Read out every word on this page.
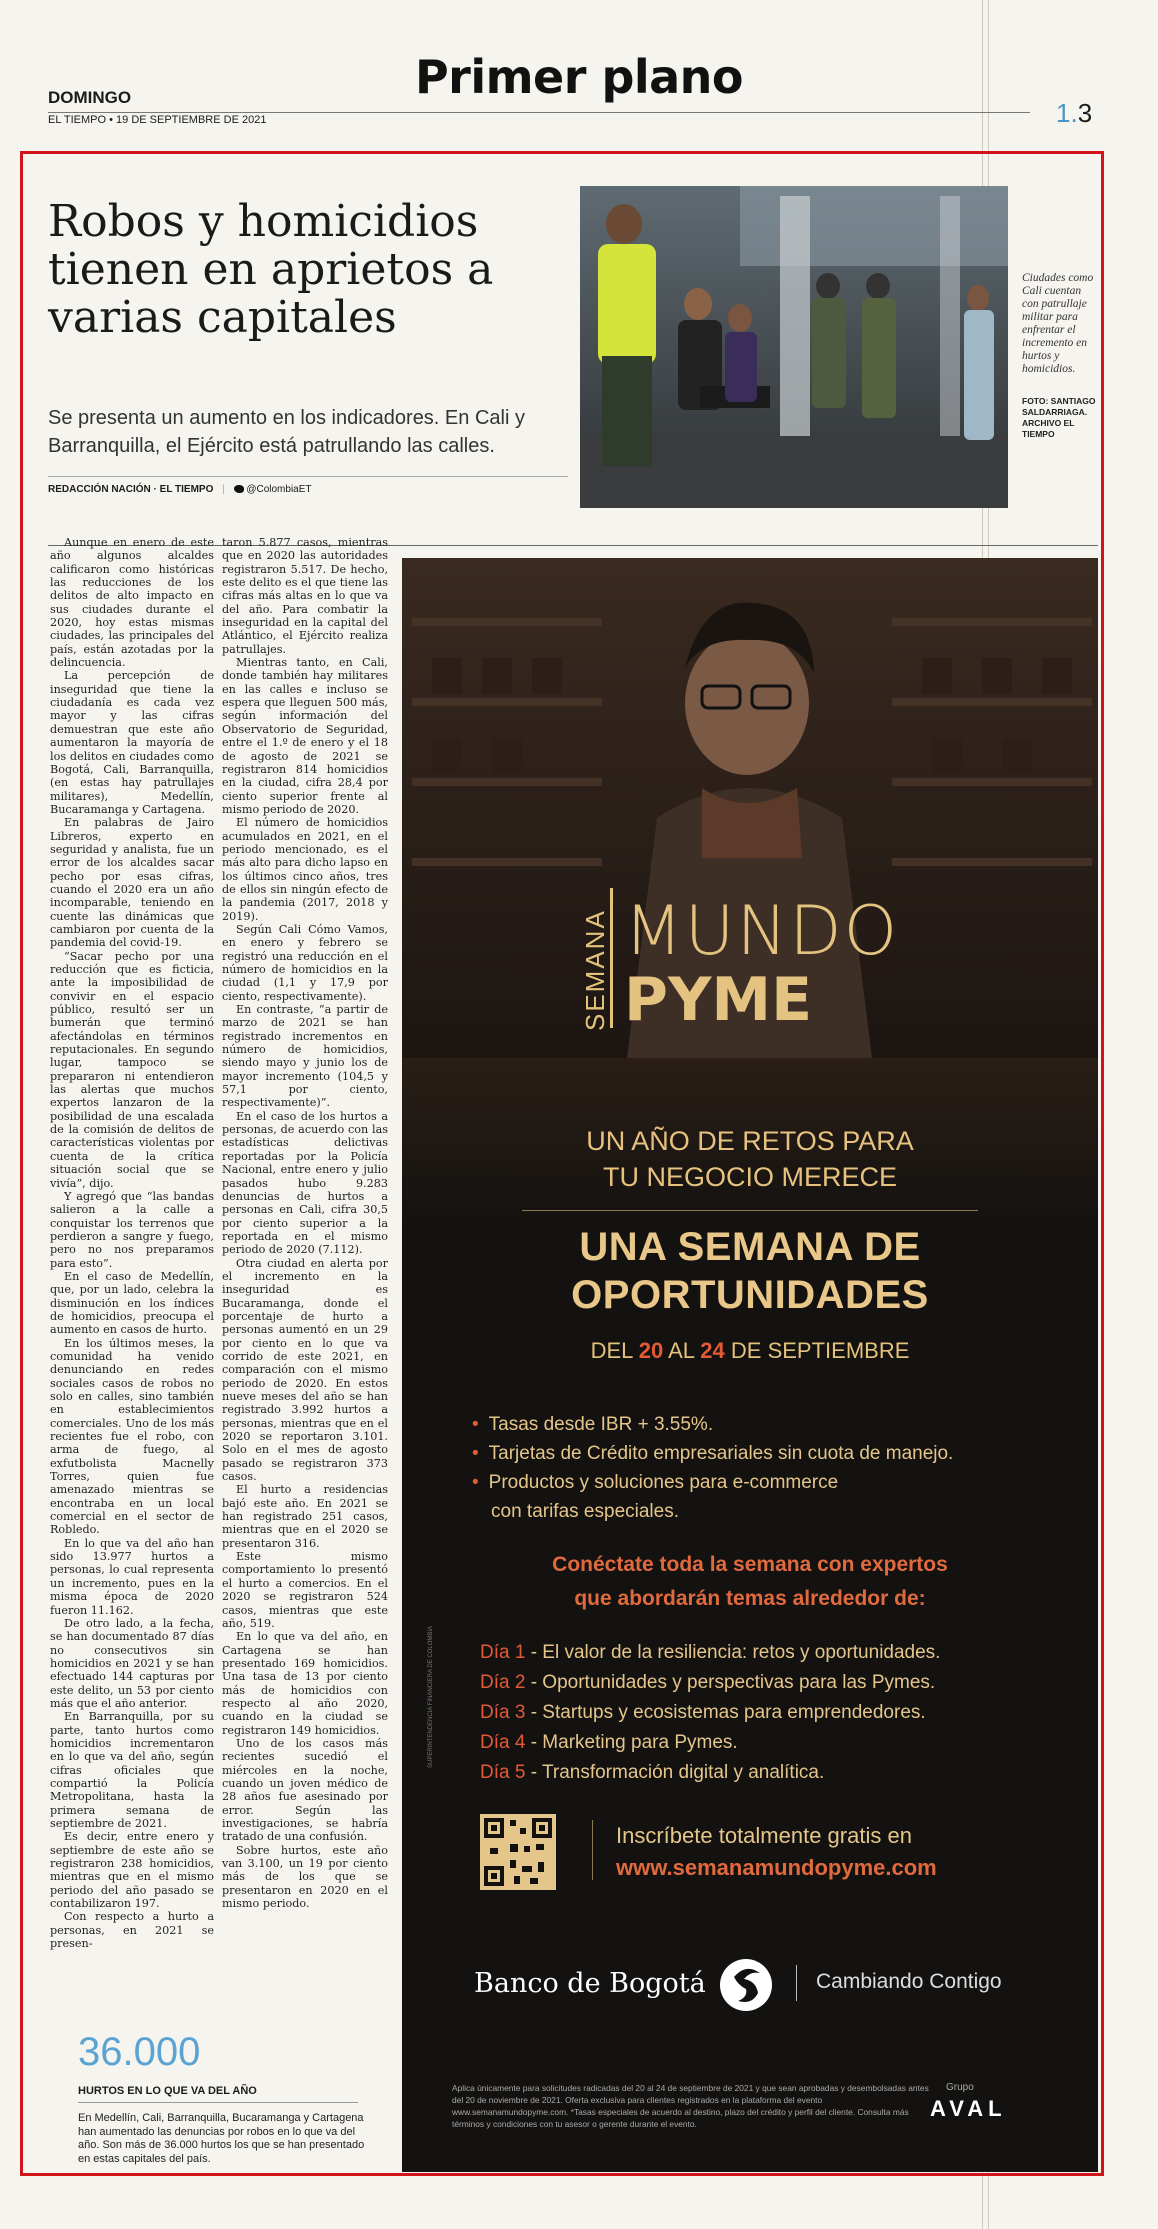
Primer plano
DOMINGO
EL TIEMPO • 19 DE SEPTIEMBRE DE 2021	1.3
Robos y homicidios tienen en aprietos a varias capitales
Se presenta un aumento en los indicadores. En Cali y Barranquilla, el Ejército está patrullando las calles.
REDACCIÓN NACIÓN · EL TIEMPO | @ColombiaET
Ciudades como Cali cuentan con patrullaje militar para enfrentar el incremento en hurtos y homicidios.
FOTO: SANTIAGO SALDARRIAGA. ARCHIVO EL TIEMPO

Aunque en enero de este año algunos alcaldes calificaron como históricas las reducciones de los delitos de alto impacto en sus ciudades durante el 2020, hoy estas mismas ciudades, las principales del país, están azotadas por la delincuencia.

La percepción de inseguridad que tiene la ciudadanía es cada vez mayor y las cifras demuestran que este año aumentaron la mayoría de los delitos en ciudades como Bogotá, Cali, Barranquilla, (en estas hay patrullajes militares), Medellín, Bucaramanga y Cartagena.

En palabras de Jairo Libreros, experto en seguridad y analista, fue un error de los alcaldes sacar pecho por esas cifras, cuando el 2020 era un año incomparable, teniendo en cuente las dinámicas que cambiaron por cuenta de la pandemia del covid-19.

“Sacar pecho por una reducción que es ficticia, ante la imposibilidad de convivir en el espacio público, resultó ser un bumerán que terminó afectándolas en términos reputacionales. En segundo lugar, tampoco se prepararon ni entendieron las alertas que muchos expertos lanzaron de la posibilidad de una escalada de la comisión de delitos de características violentas por cuenta de la crítica situación social que se vivía”, dijo.

Y agregó que “las bandas salieron a la calle a conquistar los terrenos que perdieron a sangre y fuego, pero no nos preparamos para esto”.

En el caso de Medellín, que, por un lado, celebra la disminución en los índices de homicidios, preocupa el aumento en casos de hurto.

En los últimos meses, la comunidad ha venido denunciando en redes sociales casos de robos no solo en calles, sino también en establecimientos comerciales. Uno de los más recientes fue el robo, con arma de fuego, al exfutbolista Macnelly Torres, quien fue amenazado mientras se encontraba en un local comercial en el sector de Robledo.

En lo que va del año han sido 13.977 hurtos a personas, lo cual representa un incremento, pues en la misma época de 2020 fueron 11.162.

De otro lado, a la fecha, se han documentado 87 días no consecutivos sin homicidios en 2021 y se han efectuado 144 capturas por este delito, un 53 por ciento más que el año anterior.

En Barranquilla, por su parte, tanto hurtos como homicidios incrementaron en lo que va del año, según cifras oficiales que compartió la Policía Metropolitana, hasta la primera semana de septiembre de 2021.

Es decir, entre enero y septiembre de este año se registraron 238 homicidios, mientras que en el mismo periodo del año pasado se contabilizaron 197.

Con respecto a hurto a personas, en 2021 se presen-

taron 5.877 casos, mientras que en 2020 las autoridades registraron 5.517. De hecho, este delito es el que tiene las cifras más altas en lo que va del año. Para combatir la inseguridad en la capital del Atlántico, el Ejército realiza patrullajes.

Mientras tanto, en Cali, donde también hay militares en las calles e incluso se espera que lleguen 500 más, según información del Observatorio de Seguridad, entre el 1.º de enero y el 18 de agosto de 2021 se registraron 814 homicidios en la ciudad, cifra 28,4 por ciento superior frente al mismo periodo de 2020.

El número de homicidios acumulados en 2021, en el periodo mencionado, es el más alto para dicho lapso en los últimos cinco años, tres de ellos sin ningún efecto de la pandemia (2017, 2018 y 2019).

Según Cali Cómo Vamos, en enero y febrero se registró una reducción en el número de homicidios en la ciudad (1,1 y 17,9 por ciento, respectivamente).

En contraste, “a partir de marzo de 2021 se han registrado incrementos en número de homicidios, siendo mayo y junio los de mayor incremento (104,5 y 57,1 por ciento, respectivamente)”.

En el caso de los hurtos a personas, de acuerdo con las estadísticas delictivas reportadas por la Policía Nacional, entre enero y julio pasados hubo 9.283 denuncias de hurtos a personas en Cali, cifra 30,5 por ciento superior a la reportada en el mismo periodo de 2020 (7.112).

Otra ciudad en alerta por el incremento en la inseguridad es Bucaramanga, donde el porcentaje de hurto a personas aumentó en un 29 por ciento en lo que va corrido de este 2021, en comparación con el mismo periodo de 2020. En estos nueve meses del año se han registrado 3.992 hurtos a personas, mientras que en el 2020 se reportaron 3.101. Solo en el mes de agosto pasado se registraron 373 casos.

El hurto a residencias bajó este año. En 2021 se han registrado 251 casos, mientras que en el 2020 se presentaron 316.

Este mismo comportamiento lo presentó el hurto a comercios. En el 2020 se registraron 524 casos, mientras que este año, 519.

En lo que va del año, en Cartagena se han presentado 169 homicidios. Una tasa de 13 por ciento más de homicidios con respecto al año 2020, cuando en la ciudad se registraron 149 homicidios.

Uno de los casos más recientes sucedió el miércoles en la noche, cuando un joven médico de 28 años fue asesinado por error. Según las investigaciones, se habría tratado de una confusión.

Sobre hurtos, este año van 3.100, un 19 por ciento más de los que se presentaron en 2020 en el mismo periodo.

36.000
HURTOS EN LO QUE VA DEL AÑO
En Medellín, Cali, Barranquilla, Bucaramanga y Cartagena han aumentado las denuncias por robos en lo que va del año. Son más de 36.000 hurtos los que se han presentado en estas capitales del país.
SEMANA MUNDO
PYME
UN AÑO DE RETOS PARA
TU NEGOCIO MERECE
UNA SEMANA DE
OPORTUNIDADES
DEL 20 AL 24 DE SEPTIEMBRE
• Tasas desde IBR + 3.55%.
• Tarjetas de Crédito empresariales sin cuota de manejo.
• Productos y soluciones para e-commerce
con tarifas especiales.
Conéctate toda la semana con expertos
que abordarán temas alrededor de:
Día 1 - El valor de la resiliencia: retos y oportunidades.
Día 2 - Oportunidades y perspectivas para las Pymes.
Día 3 - Startups y ecosistemas para emprendedores.
Día 4 - Marketing para Pymes.
Día 5 - Transformación digital y analítica.
Inscríbete totalmente gratis en
www.semanamundopyme.com
Banco de Bogotá	Cambiando Contigo
Aplica únicamente para solicitudes radicadas del 20 al 24 de septiembre de 2021 y que sean aprobadas y desembolsadas antes del 20 de noviembre de 2021. Oferta exclusiva para clientes registrados en la plataforma del evento www.semanamundopyme.com. *Tasas especiales de acuerdo al destino, plazo del crédito y perfil del cliente. Consulta más términos y condiciones con tu asesor o gerente durante el evento.
Grupo
AVAL
SUPERINTENDENCIA FINANCIERA DE COLOMBIA
